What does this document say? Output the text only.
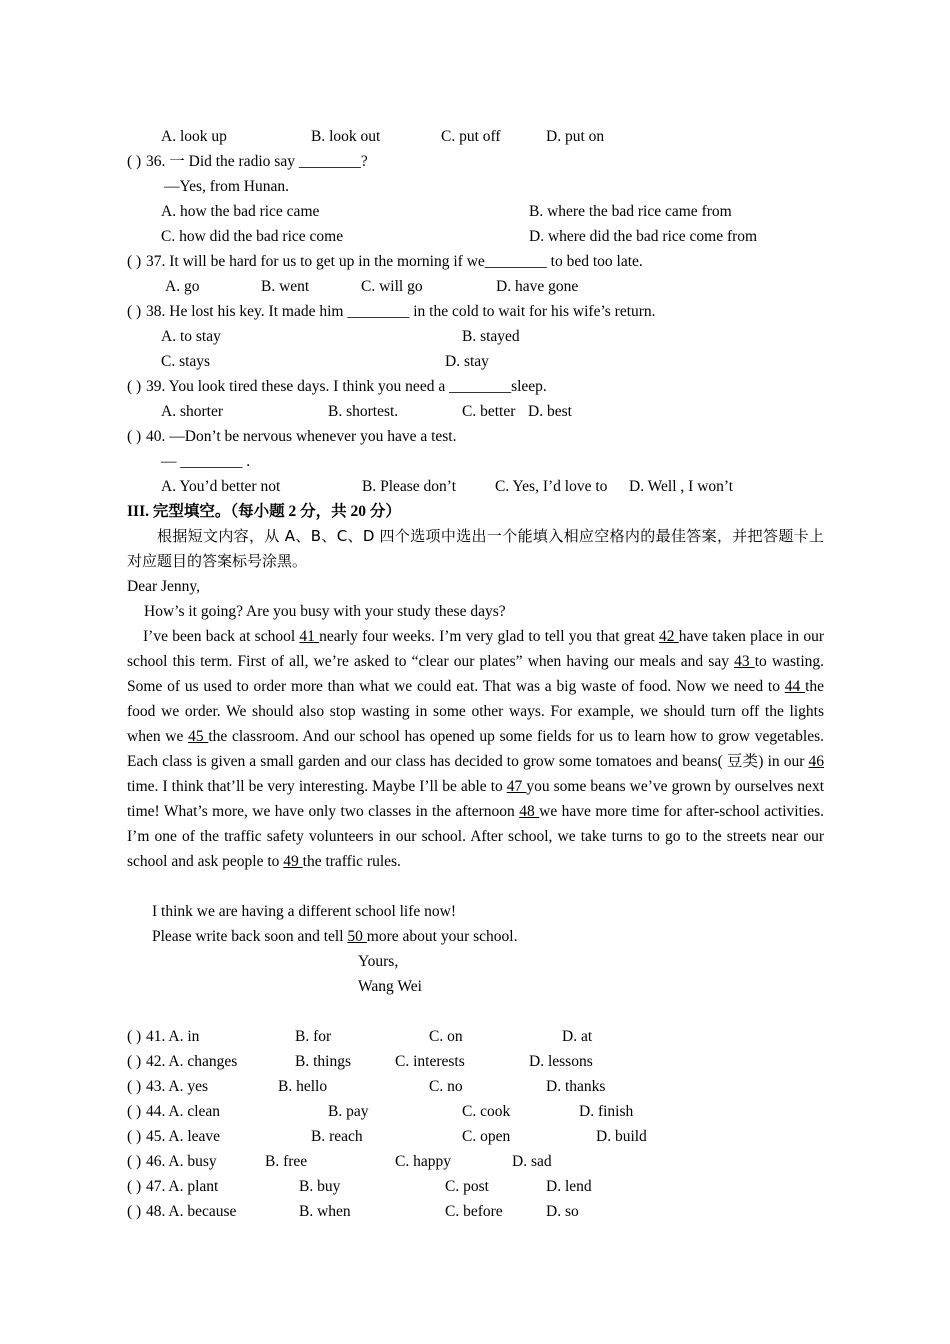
A. look up	B. look out	C. put off	D. put on
( ) 36. 一 Did the radio say ________?
—Yes, from Hunan.
A. how the bad rice came	B. where the bad rice came from
C. how did the bad rice come	D. where did the bad rice come from
( ) 37. It will be hard for us to get up in the morning if we________ to bed too late.
A. go	B. went	C. will go	D. have gone
( ) 38. He lost his key. It made him ________ in the cold to wait for his wife’s return.
A. to stay	B. stayed
C. stays	D. stay
( ) 39. You look tired these days. I think you need a ________sleep.
A. shorter	B. shortest.	C. better D. best
( ) 40. —Don’t be nervous whenever you have a test.
— ________ .
A. You’d better not	B. Please don’t	C. Yes, I’d love to D. Well , I won’t
III. 完型填空。（每小题 2 分，共 20 分）
根据短文内容，从 A、B、C、D 四个选项中选出一个能填入相应空格内的最佳答案，并把答题卡上对应题目的答案标号涂黑。
Dear Jenny,
How’s it going? Are you busy with your study these days?
I’ve been back at school 41 nearly four weeks. I’m very glad to tell you that great 42 have taken place in our school this term. First of all, we’re asked to “clear our plates” when having our meals and say 43 to wasting. Some of us used to order more than what we could eat. That was a big waste of food. Now we need to 44 the food we order. We should also stop wasting in some other ways. For example, we should turn off the lights when we 45 the classroom. And our school has opened up some fields for us to learn how to grow vegetables. Each class is given a small garden and our class has decided to grow some tomatoes and beans( 豆类) in our 46 time. I think that’ll be very interesting. Maybe I’ll be able to 47 you some beans we’ve grown by ourselves next time! What’s more, we have only two classes in the afternoon 48 we have more time for after-school activities. I’m one of the traffic safety volunteers in our school. After school, we take turns to go to the streets near our school and ask people to 49 the traffic rules.
I think we are having a different school life now!
Please write back soon and tell 50 more about your school.
Yours,
Wang Wei
( ) 41. A. in	B. for	C. on	D. at
( ) 42. A. changes	B. things	C. interests	D. lessons
( ) 43. A. yes	B. hello	C. no	D. thanks
( ) 44. A. clean	B. pay	C. cook	D. finish
( ) 45. A. leave	B. reach	C. open	D. build
( ) 46. A. busy	B. free	C. happy	D. sad
( ) 47. A. plant	B. buy	C. post	D. lend
( ) 48. A. because	B. when	C. before	D. so
